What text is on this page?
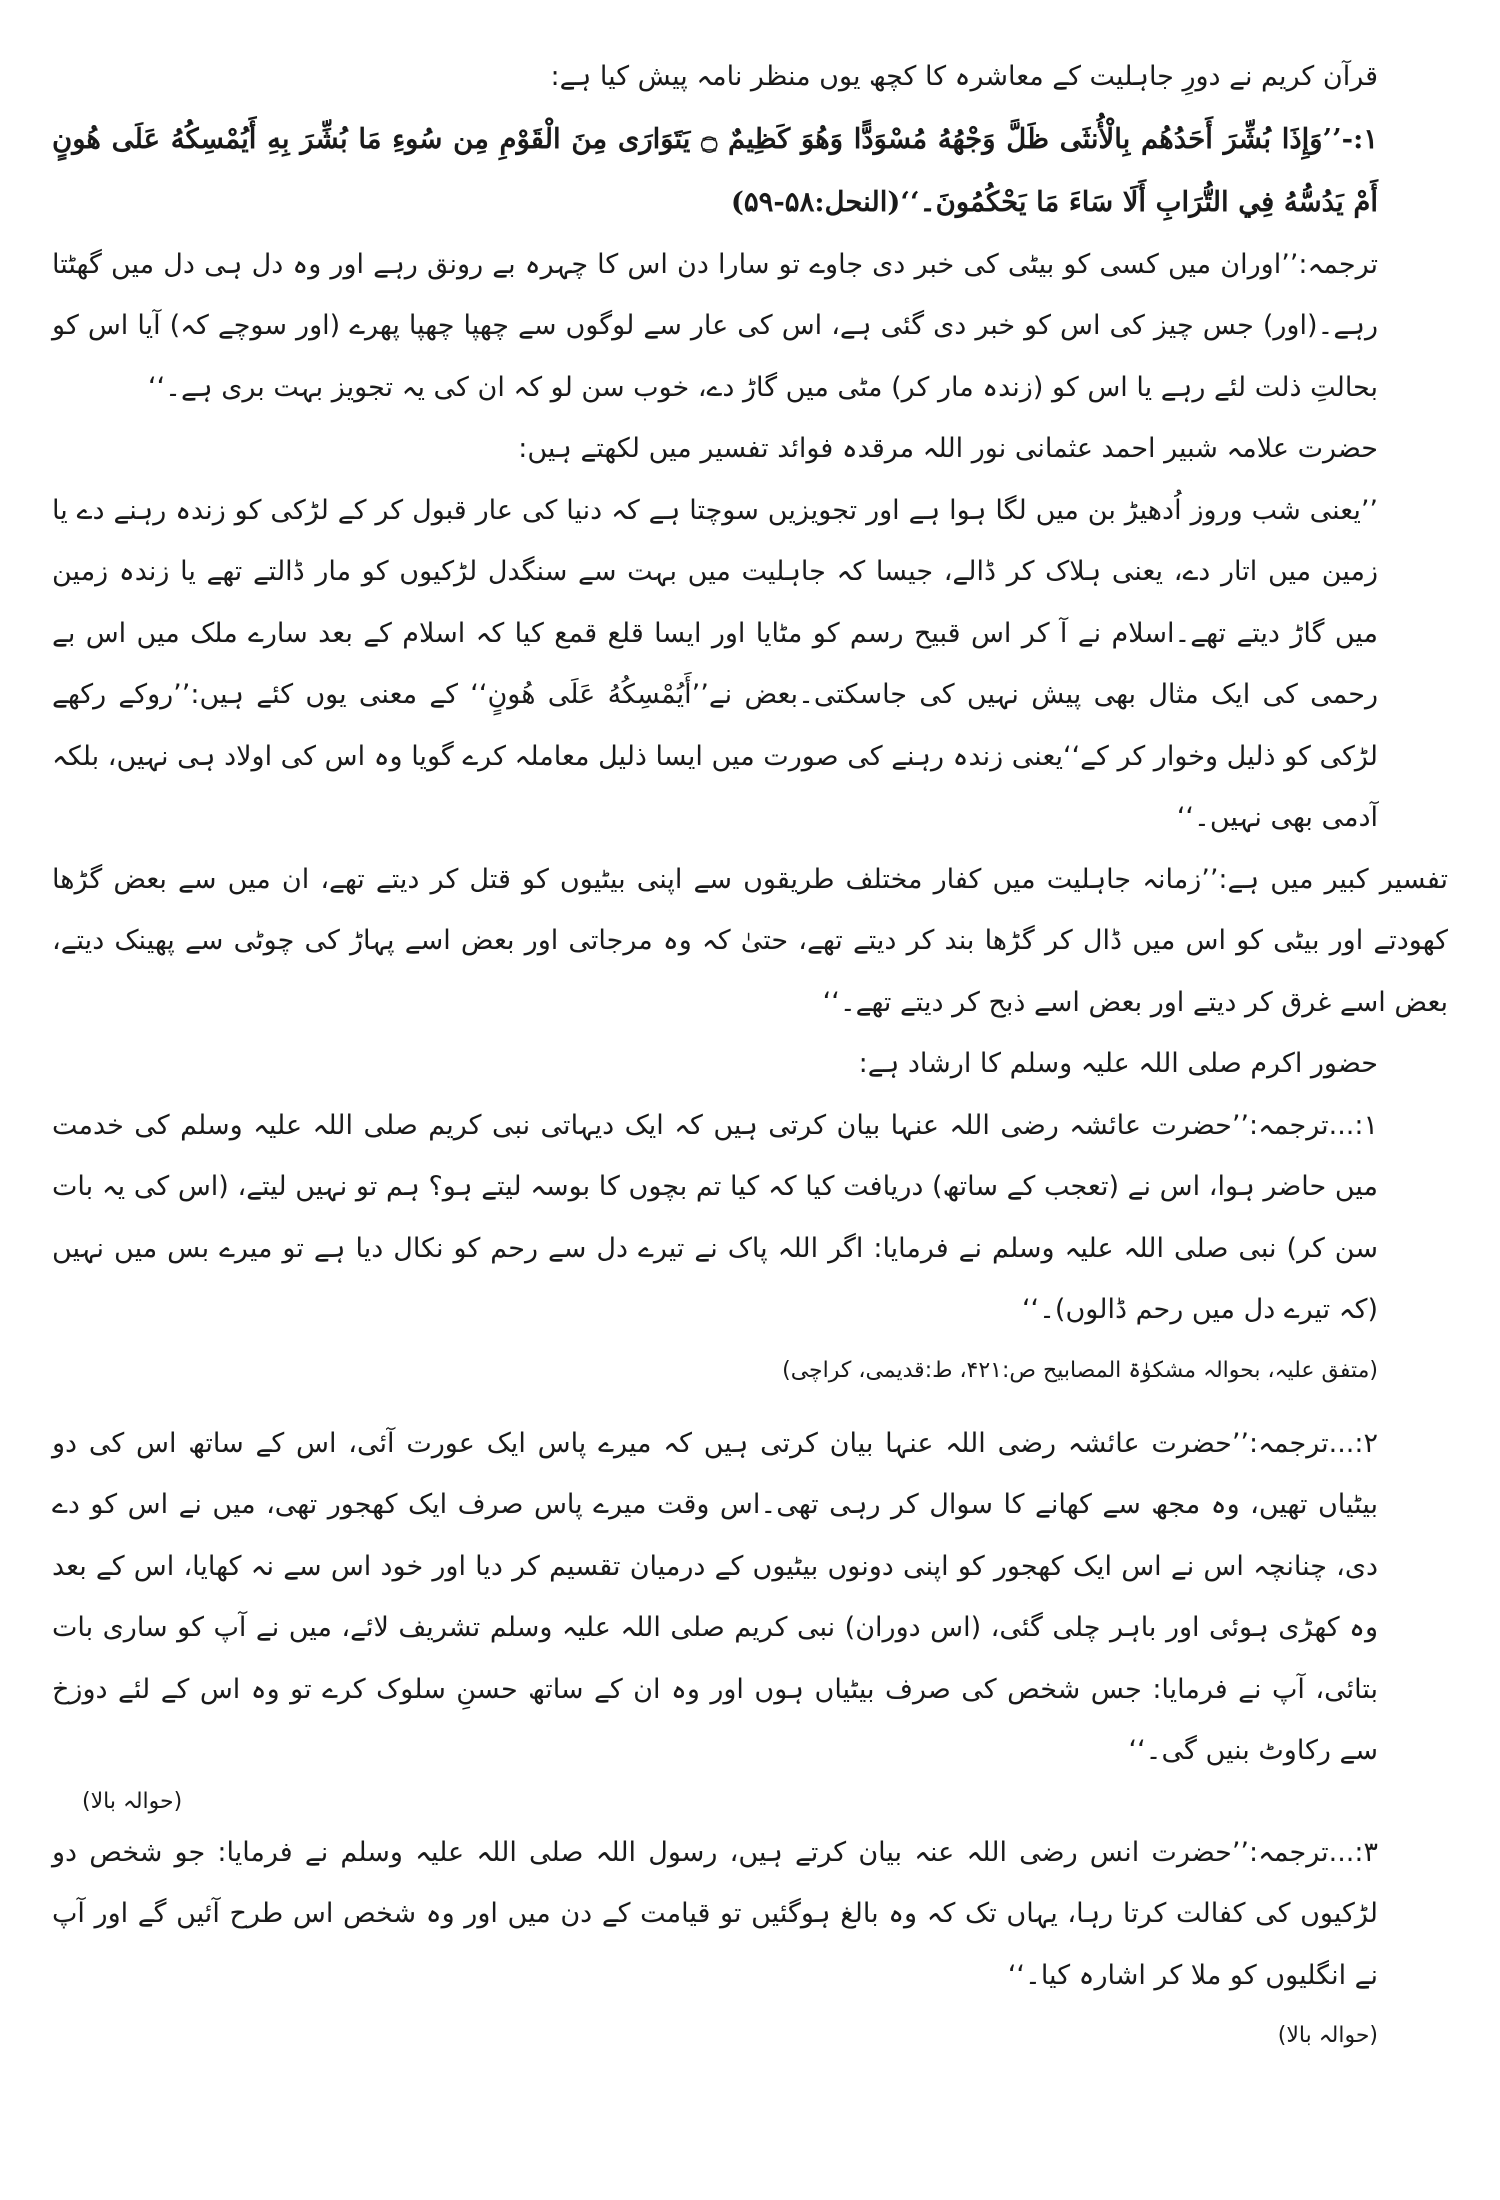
قرآن کریم نے دورِ جاہلیت کے معاشرہ کا کچھ یوں منظر نامہ پیش کیا ہے:

۱:-’’وَإِذَا بُشِّرَ أَحَدُهُم بِالْأُنثَى ظَلَّ وَجْهُهُ مُسْوَدًّا وَهُوَ كَظِيمٌ ۝ يَتَوَارَى مِنَ الْقَوْمِ مِن سُوءِ مَا بُشِّرَ بِهِ أَيُمْسِكُهُ عَلَى هُونٍ أَمْ يَدُسُّهُ فِي التُّرَابِ أَلَا سَاءَ مَا يَحْكُمُونَ۔‘‘(النحل:۵۸-۵۹)

ترجمہ:’’اوران میں کسی کو بیٹی کی خبر دی جاوے تو سارا دن اس کا چہرہ بے رونق رہے اور وہ دل ہی دل میں گھٹتا رہے۔(اور) جس چیز کی اس کو خبر دی گئی ہے، اس کی عار سے لوگوں سے چھپا چھپا پھرے (اور سوچے کہ) آیا اس کو بحالتِ ذلت لئے رہے یا اس کو (زندہ مار کر) مٹی میں گاڑ دے، خوب سن لو کہ ان کی یہ تجویز بہت بری ہے۔‘‘

حضرت علامہ شبیر احمد عثمانی نور اللہ مرقدہ فوائد تفسیر میں لکھتے ہیں:

’’یعنی شب وروز اُدھیڑ بن میں لگا ہوا ہے اور تجویزیں سوچتا ہے کہ دنیا کی عار قبول کر کے لڑکی کو زندہ رہنے دے یا زمین میں اتار دے، یعنی ہلاک کر ڈالے، جیسا کہ جاہلیت میں بہت سے سنگدل لڑکیوں کو مار ڈالتے تھے یا زندہ زمین میں گاڑ دیتے تھے۔اسلام نے آ کر اس قبیح رسم کو مٹایا اور ایسا قلع قمع کیا کہ اسلام کے بعد سارے ملک میں اس بے رحمی کی ایک مثال بھی پیش نہیں کی جاسکتی۔بعض نے’’أَيُمْسِكُهُ عَلَى هُونٍ‘‘ کے معنی یوں کئے ہیں:’’روکے رکھے لڑکی کو ذلیل وخوار کر کے‘‘یعنی زندہ رہنے کی صورت میں ایسا ذلیل معاملہ کرے گویا وہ اس کی اولاد ہی نہیں، بلکہ آدمی بھی نہیں۔‘‘

تفسیر کبیر میں ہے:’’زمانہ جاہلیت میں کفار مختلف طریقوں سے اپنی بیٹیوں کو قتل کر دیتے تھے، ان میں سے بعض گڑھا کھودتے اور بیٹی کو اس میں ڈال کر گڑھا بند کر دیتے تھے، حتیٰ کہ وہ مرجاتی اور بعض اسے پہاڑ کی چوٹی سے پھینک دیتے، بعض اسے غرق کر دیتے اور بعض اسے ذبح کر دیتے تھے۔‘‘

حضور اکرم صلی اللہ علیہ وسلم کا ارشاد ہے:

۱:...ترجمہ:’’حضرت عائشہ رضی اللہ عنہا بیان کرتی ہیں کہ ایک دیہاتی نبی کریم صلی اللہ علیہ وسلم کی خدمت میں حاضر ہوا، اس نے (تعجب کے ساتھ) دریافت کیا کہ کیا تم بچوں کا بوسہ لیتے ہو؟ ہم تو نہیں لیتے، (اس کی یہ بات سن کر) نبی صلی اللہ علیہ وسلم نے فرمایا: اگر اللہ پاک نے تیرے دل سے رحم کو نکال دیا ہے تو میرے بس میں نہیں (کہ تیرے دل میں رحم ڈالوں)۔‘‘

(متفق علیہ، بحوالہ مشکوٰۃ المصابیح ص:۴۲۱، ط:قدیمی، کراچی)

۲:...ترجمہ:’’حضرت عائشہ رضی اللہ عنہا بیان کرتی ہیں کہ میرے پاس ایک عورت آئی، اس کے ساتھ اس کی دو بیٹیاں تھیں، وہ مجھ سے کھانے کا سوال کر رہی تھی۔اس وقت میرے پاس صرف ایک کھجور تھی، میں نے اس کو دے دی، چنانچہ اس نے اس ایک کھجور کو اپنی دونوں بیٹیوں کے درمیان تقسیم کر دیا اور خود اس سے نہ کھایا، اس کے بعد وہ کھڑی ہوئی اور باہر چلی گئی، (اس دوران) نبی کریم صلی اللہ علیہ وسلم تشریف لائے، میں نے آپ کو ساری بات بتائی، آپ نے فرمایا: جس شخص کی صرف بیٹیاں ہوں اور وہ ان کے ساتھ حسنِ سلوک کرے تو وہ اس کے لئے دوزخ سے رکاوٹ بنیں گی۔‘‘

(حوالہ بالا)

۳:...ترجمہ:’’حضرت انس رضی اللہ عنہ بیان کرتے ہیں، رسول اللہ صلی اللہ علیہ وسلم نے فرمایا: جو شخص دو لڑکیوں کی کفالت کرتا رہا، یہاں تک کہ وہ بالغ ہوگئیں تو قیامت کے دن میں اور وہ شخص اس طرح آئیں گے اور آپ نے انگلیوں کو ملا کر اشارہ کیا۔‘‘

(حوالہ بالا)
